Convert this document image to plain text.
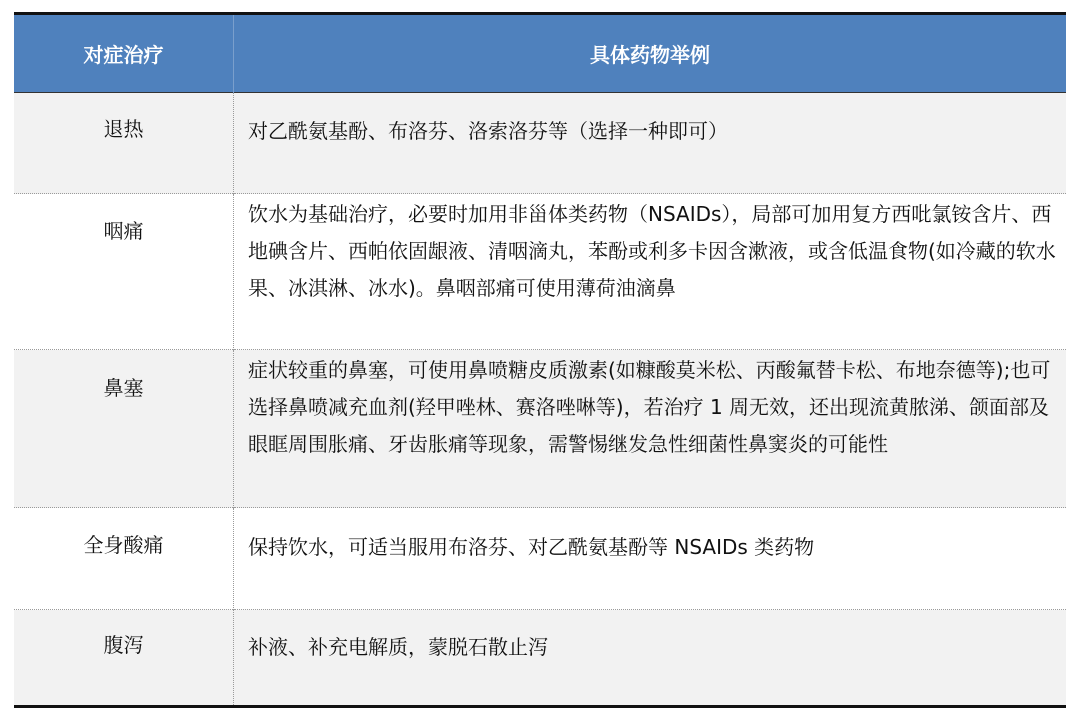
对症治疗	具体药物举例

退热	对乙酰氨基酚、布洛芬、洛索洛芬等（选择一种即可）

咽痛	饮水为基础治疗，必要时加用非甾体类药物（NSAIDs），局部可加用复方西吡氯铵含片、西地碘含片、西帕依固龈液、清咽滴丸，苯酚或利多卡因含漱液，或含低温食物(如冷藏的软水果、冰淇淋、冰水)。鼻咽部痛可使用薄荷油滴鼻

鼻塞	症状较重的鼻塞，可使用鼻喷糖皮质激素(如糠酸莫米松、丙酸氟替卡松、布地奈德等);也可选择鼻喷减充血剂(羟甲唑林、赛洛唑啉等)，若治疗 1 周无效，还出现流黄脓涕、颌面部及眼眶周围胀痛、牙齿胀痛等现象，需警惕继发急性细菌性鼻窦炎的可能性

全身酸痛	保持饮水，可适当服用布洛芬、对乙酰氨基酚等 NSAIDs 类药物

腹泻	补液、补充电解质，蒙脱石散止泻
